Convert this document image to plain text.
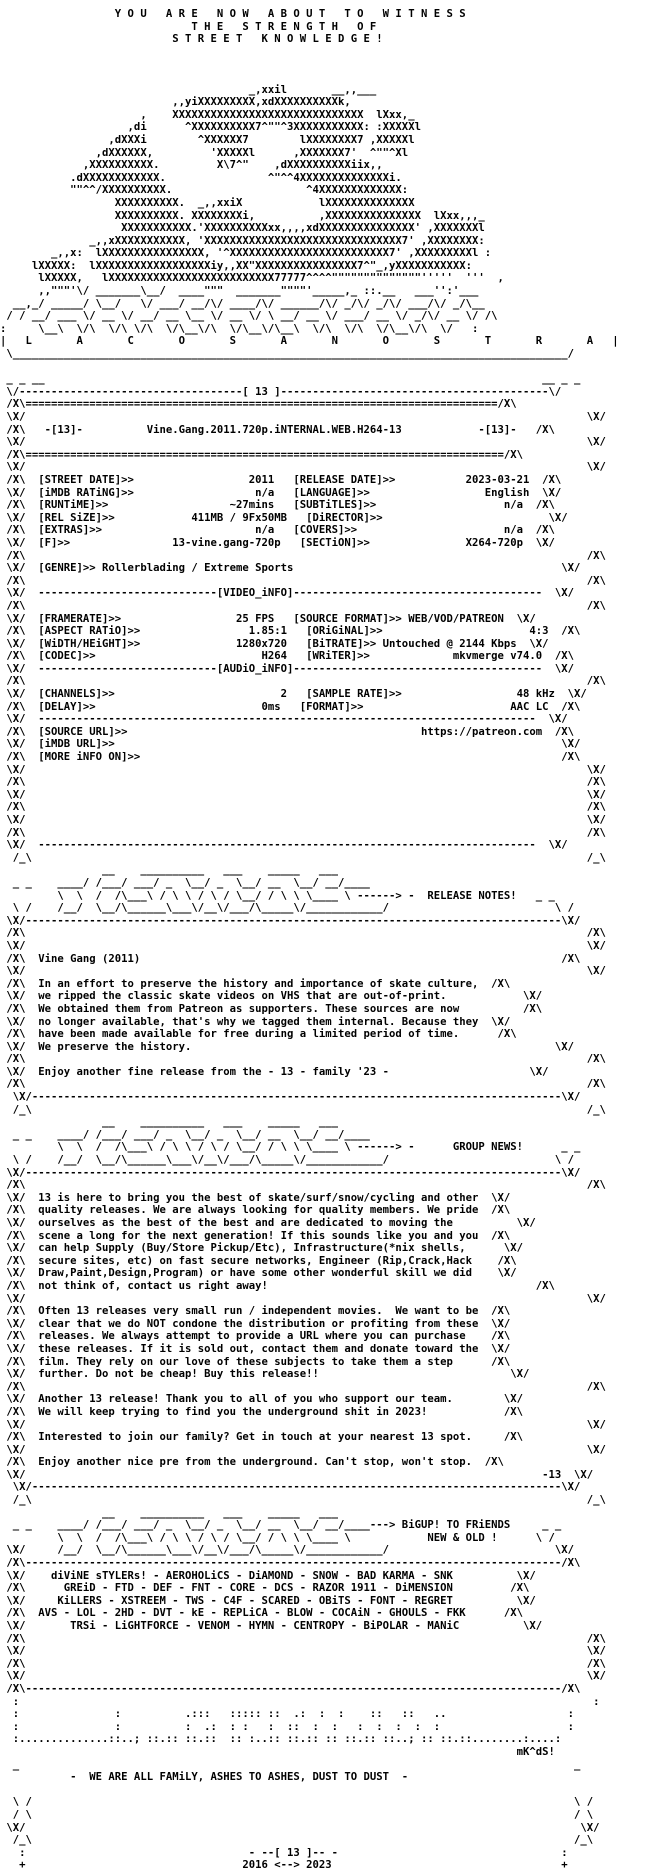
Y O U   A R E   N O W   A B O U T   T O   W I T N E S S
T H E   S T R E N G T H   O F
S T R E E T   K N O W L E D G E !

_,xxil       __,,___
,,yiXXXXXXXXX,xdXXXXXXXXXXk,
,    XXXXXXXXXXXXXXXXXXXXXXXXXXXXXX  lXxx,_
,di      ^XXXXXXXXXX7^""^3XXXXXXXXXXX: :XXXXXl
,dXXXi        ^XXXXXX7        lXXXXXXXX7 ,XXXXXl
,dXXXXXX,         'XXXXXl      ,XXXXXXX7'  ^""^Xl
,XXXXXXXXXX.         X\7^"    ,dXXXXXXXXXXiix,,
.dXXXXXXXXXXXX.                ^"^^4XXXXXXXXXXXXXXi.
""^^/XXXXXXXXXX.                     ^4XXXXXXXXXXXXX:
XXXXXXXXXX.  _,,xxiX            lXXXXXXXXXXXXXX
XXXXXXXXXX. XXXXXXXXi,          ,XXXXXXXXXXXXXXX  lXxx,,,_
XXXXXXXXXXX.'XXXXXXXXXXxx,,,,xdXXXXXXXXXXXXXXX' ,XXXXXXXl
_,,xXXXXXXXXXXX, 'XXXXXXXXXXXXXXXXXXXXXXXXXXXXXXX7' ,XXXXXXXX:
_,,x:  lXXXXXXXXXXXXXXXX, '^XXXXXXXXXXXXXXXXXXXXXXXXX7' ,XXXXXXXXXl :
lXXXXX:  lXXXXXXXXXXXXXXXXXXiy,,XX"XXXXXXXXXXXXXXXX7^"_,yXXXXXXXXXXX:
lXXXXX,   lXXXXXXXXXXXXXXXXXXXXXXXXXX77777^^^^""""""""""""""'''''  '''  ,
,,"""'\/ _______\__/  ____"""  _______""""'_____,_ ::.__   ___'':'___
__,_/ _____/ \__/   \/ ___/ __/\/ ____/\/ ______/\/ _/\/ _/\/ ___/\/ _/\__
/ / __/ ___ \/ __ \/ __/ __ \__ \/ __ \/ \ __/ __ \/ ___/ __ \/ _/\/ __ \/ /\
:     \__\  \/\  \/\ \/\  \/\__\/\  \/\__\/\__\  \/\  \/\  \/\__\/\  \/   :
|   L       A       C       O       S       A       N       O       S       T       R       A   |
\_______________________________________________________________________________________/

_ _ __                                                                              __ _ _
\/-----------------------------------[ 13 ]------------------------------------------\/
/X\==========================================================================/X\
\X/                                                                                        \X/
/X\   -[13]-          Vine.Gang.2011.720p.iNTERNAL.WEB.H264-13            -[13]-   /X\
\X/                                                                                        \X/
/X\===========================================================================/X\
\X/                                                                                        \X/
/X\  [STREET DATE]>>                  2011   [RELEASE DATE]>>           2023-03-21  /X\
\X/  [iMDB RATiNG]>>                   n/a   [LANGUAGE]>>                  English  \X/
/X\  [RUNTiME]>>                   ~27mins   [SUBTiTLES]>>                    n/a  /X\
\X/  [REL SiZE]>>            411MB / 9Fx50MB   [DiRECTOR]>>                          \X/
/X\  [EXTRAS]>>                        n/a   [COVERS]>>                       n/a  /X\
\X/  [F]>>                13-vine.gang-720p   [SECTiON]>>               X264-720p  \X/
/X\                                                                                        /X\
\X/  [GENRE]>> Rollerblading / Extreme Sports                                          \X/
/X\                                                                                        /X\
\X/  ----------------------------[VIDEO_iNFO]---------------------------------------  \X/
/X\                                                                                        /X\
\X/  [FRAMERATE]>>                  25 FPS   [SOURCE FORMAT]>> WEB/VOD/PATREON  \X/
/X\  [ASPECT RATiO]>>                 1.85:1   [ORiGiNAL]>>                       4:3  /X\
\X/  [WiDTH/HEiGHT]>>               1280x720   [BiTRATE]>> Untouched @ 2144 Kbps  \X/
/X\  [CODEC]>>                          H264   [WRiTER]>>             mkvmerge v74.0  /X\
\X/  ----------------------------[AUDiO_iNFO]---------------------------------------  \X/
/X\                                                                                        /X\
\X/  [CHANNELS]>>                          2   [SAMPLE RATE]>>                  48 kHz  \X/
/X\  [DELAY]>>                          0ms   [FORMAT]>>                       AAC LC  /X\
\X/  ------------------------------------------------------------------------------  \X/
/X\  [SOURCE URL]>>                                              https://patreon.com  /X\
\X/  [iMDB URL]>>                                                                      \X/
/X\  [MORE iNFO ON]>>                                                                  /X\
\X/                                                                                        \X/
/X\                                                                                        /X\
\X/                                                                                        \X/
/X\                                                                                        /X\
\X/                                                                                        \X/
/X\                                                                                        /X\
\X/  ------------------------------------------------------------------------------  \X/
/_\                                                                                       /_\
__    __________   ___    _____   ___
_ _    ____/ /___/ ___/ _  \__/ _  \__/ __  \__/ __/____
\  \  /  /\___\ / \ \ / \ / \__/ / \ \ \____ \ ------> -  RELEASE NOTES!   _ _
\ /    /__/  \__/\______\___\/__\/___/\_____\/____________/                          \ /
\X/------------------------------------------------------------------------------------\X/
/X\                                                                                        /X\
\X/                                                                                        \X/
/X\  Vine Gang (2011)                                                                  /X\
\X/                                                                                        \X/
/X\  In an effort to preserve the history and importance of skate culture,  /X\
\X/  we ripped the classic skate videos on VHS that are out-of-print.            \X/
/X\  We obtained them from Patreon as supporters. These sources are now          /X\
\X/  no longer available, that's why we tagged them internal. Because they  \X/
/X\  have been made available for free during a limited period of time.      /X\
\X/  We preserve the history.                                                         \X/
/X\                                                                                        /X\
\X/  Enjoy another fine release from the - 13 - family '23 -                      \X/
/X\                                                                                        /X\
\X/-----------------------------------------------------------------------------------\X/
/_\                                                                                       /_\
__    __________   ___    _____   ___
_ _    ____/ /___/ ___/ _  \__/ _  \__/ __  \__/ __/____
\  \  /  /\___\ / \ \ / \ / \__/ / \ \ \____ \ ------> -      GROUP NEWS!      _ _
\ /    /__/  \__/\______\___\/__\/___/\_____\/____________/                          \ /
\X/------------------------------------------------------------------------------------\X/
/X\                                                                                        /X\
\X/  13 is here to bring you the best of skate/surf/snow/cycling and other  \X/
/X\  quality releases. We are always looking for quality members. We pride  /X\
\X/  ourselves as the best of the best and are dedicated to moving the          \X/
/X\  scene a long for the next generation! If this sounds like you and you  /X\
\X/  can help Supply (Buy/Store Pickup/Etc), Infrastructure(*nix shells,      \X/
/X\  secure sites, etc) on fast secure networks, Engineer (Rip,Crack,Hack    /X\
\X/  Draw,Paint,Design,Program) or have some other wonderful skill we did    \X/
/X\  not think of, contact us right away!                                          /X\
\X/                                                                                        \X/
/X\  Often 13 releases very small run / independent movies.  We want to be  /X\
\X/  clear that we do NOT condone the distribution or profiting from these  \X/
/X\  releases. We always attempt to provide a URL where you can purchase    /X\
\X/  these releases. If it is sold out, contact them and donate toward the  \X/
/X\  film. They rely on our love of these subjects to take them a step      /X\
\X/  further. Do not be cheap! Buy this release!!                              \X/
/X\                                                                                        /X\
\X/  Another 13 release! Thank you to all of you who support our team.        \X/
/X\  We will keep trying to find you the underground shit in 2023!            /X\
\X/                                                                                        \X/
/X\  Interested to join our family? Get in touch at your nearest 13 spot.     /X\
\X/                                                                                        \X/
/X\  Enjoy another nice pre from the underground. Can't stop, won't stop.  /X\
\X/                                                                                 -13  \X/
\X/-----------------------------------------------------------------------------------\X/
/_\                                                                                       /_\
__    __________   ___    _____   ___
_ _    ____/ /___/ ___/ _  \__/ _  \__/ __  \__/ __/____---> BiGUP! TO FRiENDS     _ _
\  \  /  /\___\ / \ \ / \ / \__/ / \ \ \____ \            NEW & OLD !      \ /
\X/     /__/  \__/\______\___\/__\/___/\_____\/____________/                          \X/
/X\------------------------------------------------------------------------------------/X\
\X/    diViNE sTYLERs! - AEROHOLiCS - DiAMOND - SNOW - BAD KARMA - SNK          \X/
/X\      GREiD - FTD - DEF - FNT - CORE - DCS - RAZOR 1911 - DiMENSION         /X\
\X/     KiLLERS - XSTREEM - TWS - C4F - SCARED - OBiTS - FONT - REGRET          \X/
/X\  AVS - LOL - 2HD - DVT - kE - REPLiCA - BLOW - COCAiN - GHOULS - FKK      /X\
\X/       TRSi - LiGHTFORCE - VENOM - HYMN - CENTROPY - BiPOLAR - MANiC          \X/
/X\                                                                                        /X\
\X/                                                                                        \X/
/X\                                                                                        /X\
\X/                                                                                        \X/
/X\------------------------------------------------------------------------------------/X\
:                                                                                          :
:               :          .:::   ::::: ::  .:  :  :    ::   ::   ..                   :
:               :          :  .:  : :   :  ::  :  :   :  :  :  :  :                    :
:..............::..; ::.:: ::.::  :: :..:: ::.:: :: ::.:: ::..; :: ::.::........:....:
mK^dS!
_                                                                                       _
-  WE ARE ALL FAMiLY, ASHES TO ASHES, DUST TO DUST  -

\ /                                                                                     \ /
/ \                                                                                     / \
\X/                                                                                       \X/
/_\                                                                                     /_\
:                                   - --[ 13 ]-- -                                   :
+                                  2016 <--> 2023                                    +
